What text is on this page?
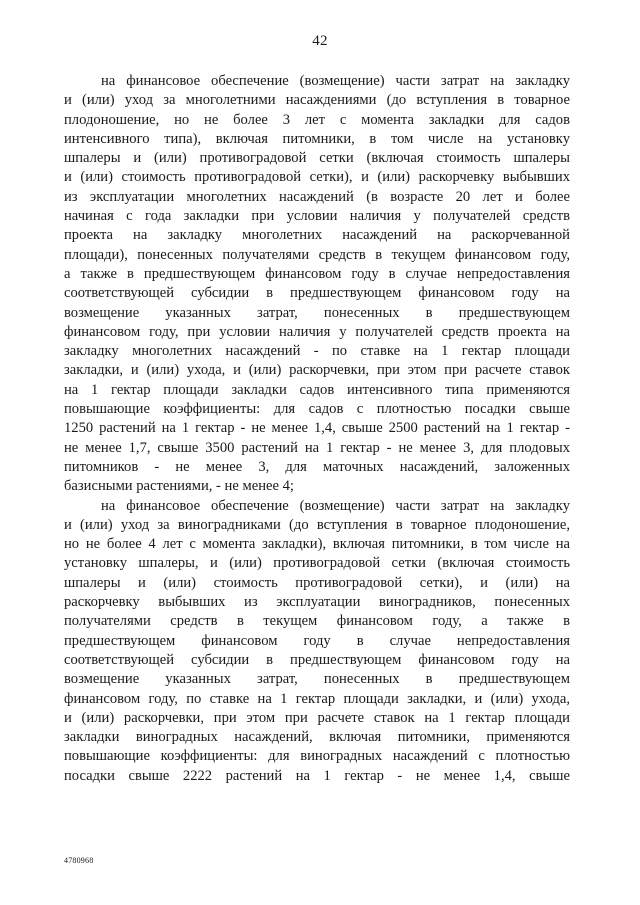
42
на финансовое обеспечение (возмещение) части затрат на закладку
и (или) уход за многолетними насаждениями (до вступления в товарное
плодоношение, но не более 3 лет с момента закладки для садов
интенсивного типа), включая питомники, в том числе на установку
шпалеры и (или) противоградовой сетки (включая стоимость шпалеры
и (или) стоимость противоградовой сетки), и (или) раскорчевку выбывших
из эксплуатации многолетних насаждений (в возрасте 20 лет и более
начиная с года закладки при условии наличия у получателей средств
проекта на закладку многолетних насаждений на раскорчеванной
площади), понесенных получателями средств в текущем финансовом году,
а также в предшествующем финансовом году в случае непредоставления
соответствующей субсидии в предшествующем финансовом году на
возмещение указанных затрат, понесенных в предшествующем
финансовом году, при условии наличия у получателей средств проекта на
закладку многолетних насаждений - по ставке на 1 гектар площади
закладки, и (или) ухода, и (или) раскорчевки, при этом при расчете ставок
на 1 гектар площади закладки садов интенсивного типа применяются
повышающие коэффициенты: для садов с плотностью посадки свыше
1250 растений на 1 гектар - не менее 1,4, свыше 2500 растений на 1 гектар -
не менее 1,7, свыше 3500 растений на 1 гектар - не менее 3, для плодовых
питомников - не менее 3, для маточных насаждений, заложенных
базисными растениями, - не менее 4;
на финансовое обеспечение (возмещение) части затрат на закладку
и (или) уход за виноградниками (до вступления в товарное плодоношение,
но не более 4 лет с момента закладки), включая питомники, в том числе на
установку шпалеры, и (или) противоградовой сетки (включая стоимость
шпалеры и (или) стоимость противоградовой сетки), и (или) на
раскорчевку выбывших из эксплуатации виноградников, понесенных
получателями средств в текущем финансовом году, а также в
предшествующем финансовом году в случае непредоставления
соответствующей субсидии в предшествующем финансовом году на
возмещение указанных затрат, понесенных в предшествующем
финансовом году, по ставке на 1 гектар площади закладки, и (или) ухода,
и (или) раскорчевки, при этом при расчете ставок на 1 гектар площади
закладки виноградных насаждений, включая питомники, применяются
повышающие коэффициенты: для виноградных насаждений с плотностью
посадки свыше 2222 растений на 1 гектар - не менее 1,4, свыше
4780968
